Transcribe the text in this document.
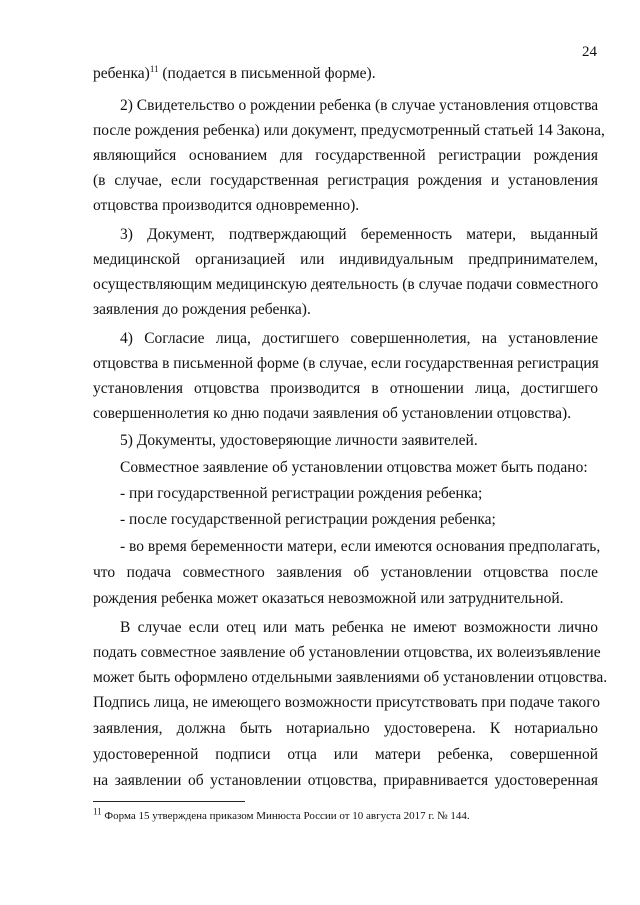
24
ребенка)$^{11}$ (подается в письменной форме).
2) Свидетельство о рождении ребенка (в случае установления отцовства
после рождения ребенка) или документ, предусмотренный статьей 14 Закона,
являющийся основанием для государственной регистрации рождения
(в случае, если государственная регистрация рождения и установления
отцовства производится одновременно).
3) Документ, подтверждающий беременность матери, выданный
медицинской организацией или индивидуальным предпринимателем,
осуществляющим медицинскую деятельность (в случае подачи совместного
заявления до рождения ребенка).
4) Согласие лица, достигшего совершеннолетия, на установление
отцовства в письменной форме (в случае, если государственная регистрация
установления отцовства производится в отношении лица, достигшего
совершеннолетия ко дню подачи заявления об установлении отцовства).
5) Документы, удостоверяющие личности заявителей.
Совместное заявление об установлении отцовства может быть подано:
- при государственной регистрации рождения ребенка;
- после государственной регистрации рождения ребенка;
- во время беременности матери, если имеются основания предполагать,
что подача совместного заявления об установлении отцовства после
рождения ребенка может оказаться невозможной или затруднительной.
В случае если отец или мать ребенка не имеют возможности лично
подать совместное заявление об установлении отцовства, их волеизъявление
может быть оформлено отдельными заявлениями об установлении отцовства.
Подпись лица, не имеющего возможности присутствовать при подаче такого
заявления, должна быть нотариально удостоверена. К нотариально
удостоверенной подписи отца или матери ребенка, совершенной
на заявлении об установлении отцовства, приравнивается удостоверенная
$^{11}$ Форма 15 утверждена приказом Минюста России от 10 августа 2017 г. № 144.
